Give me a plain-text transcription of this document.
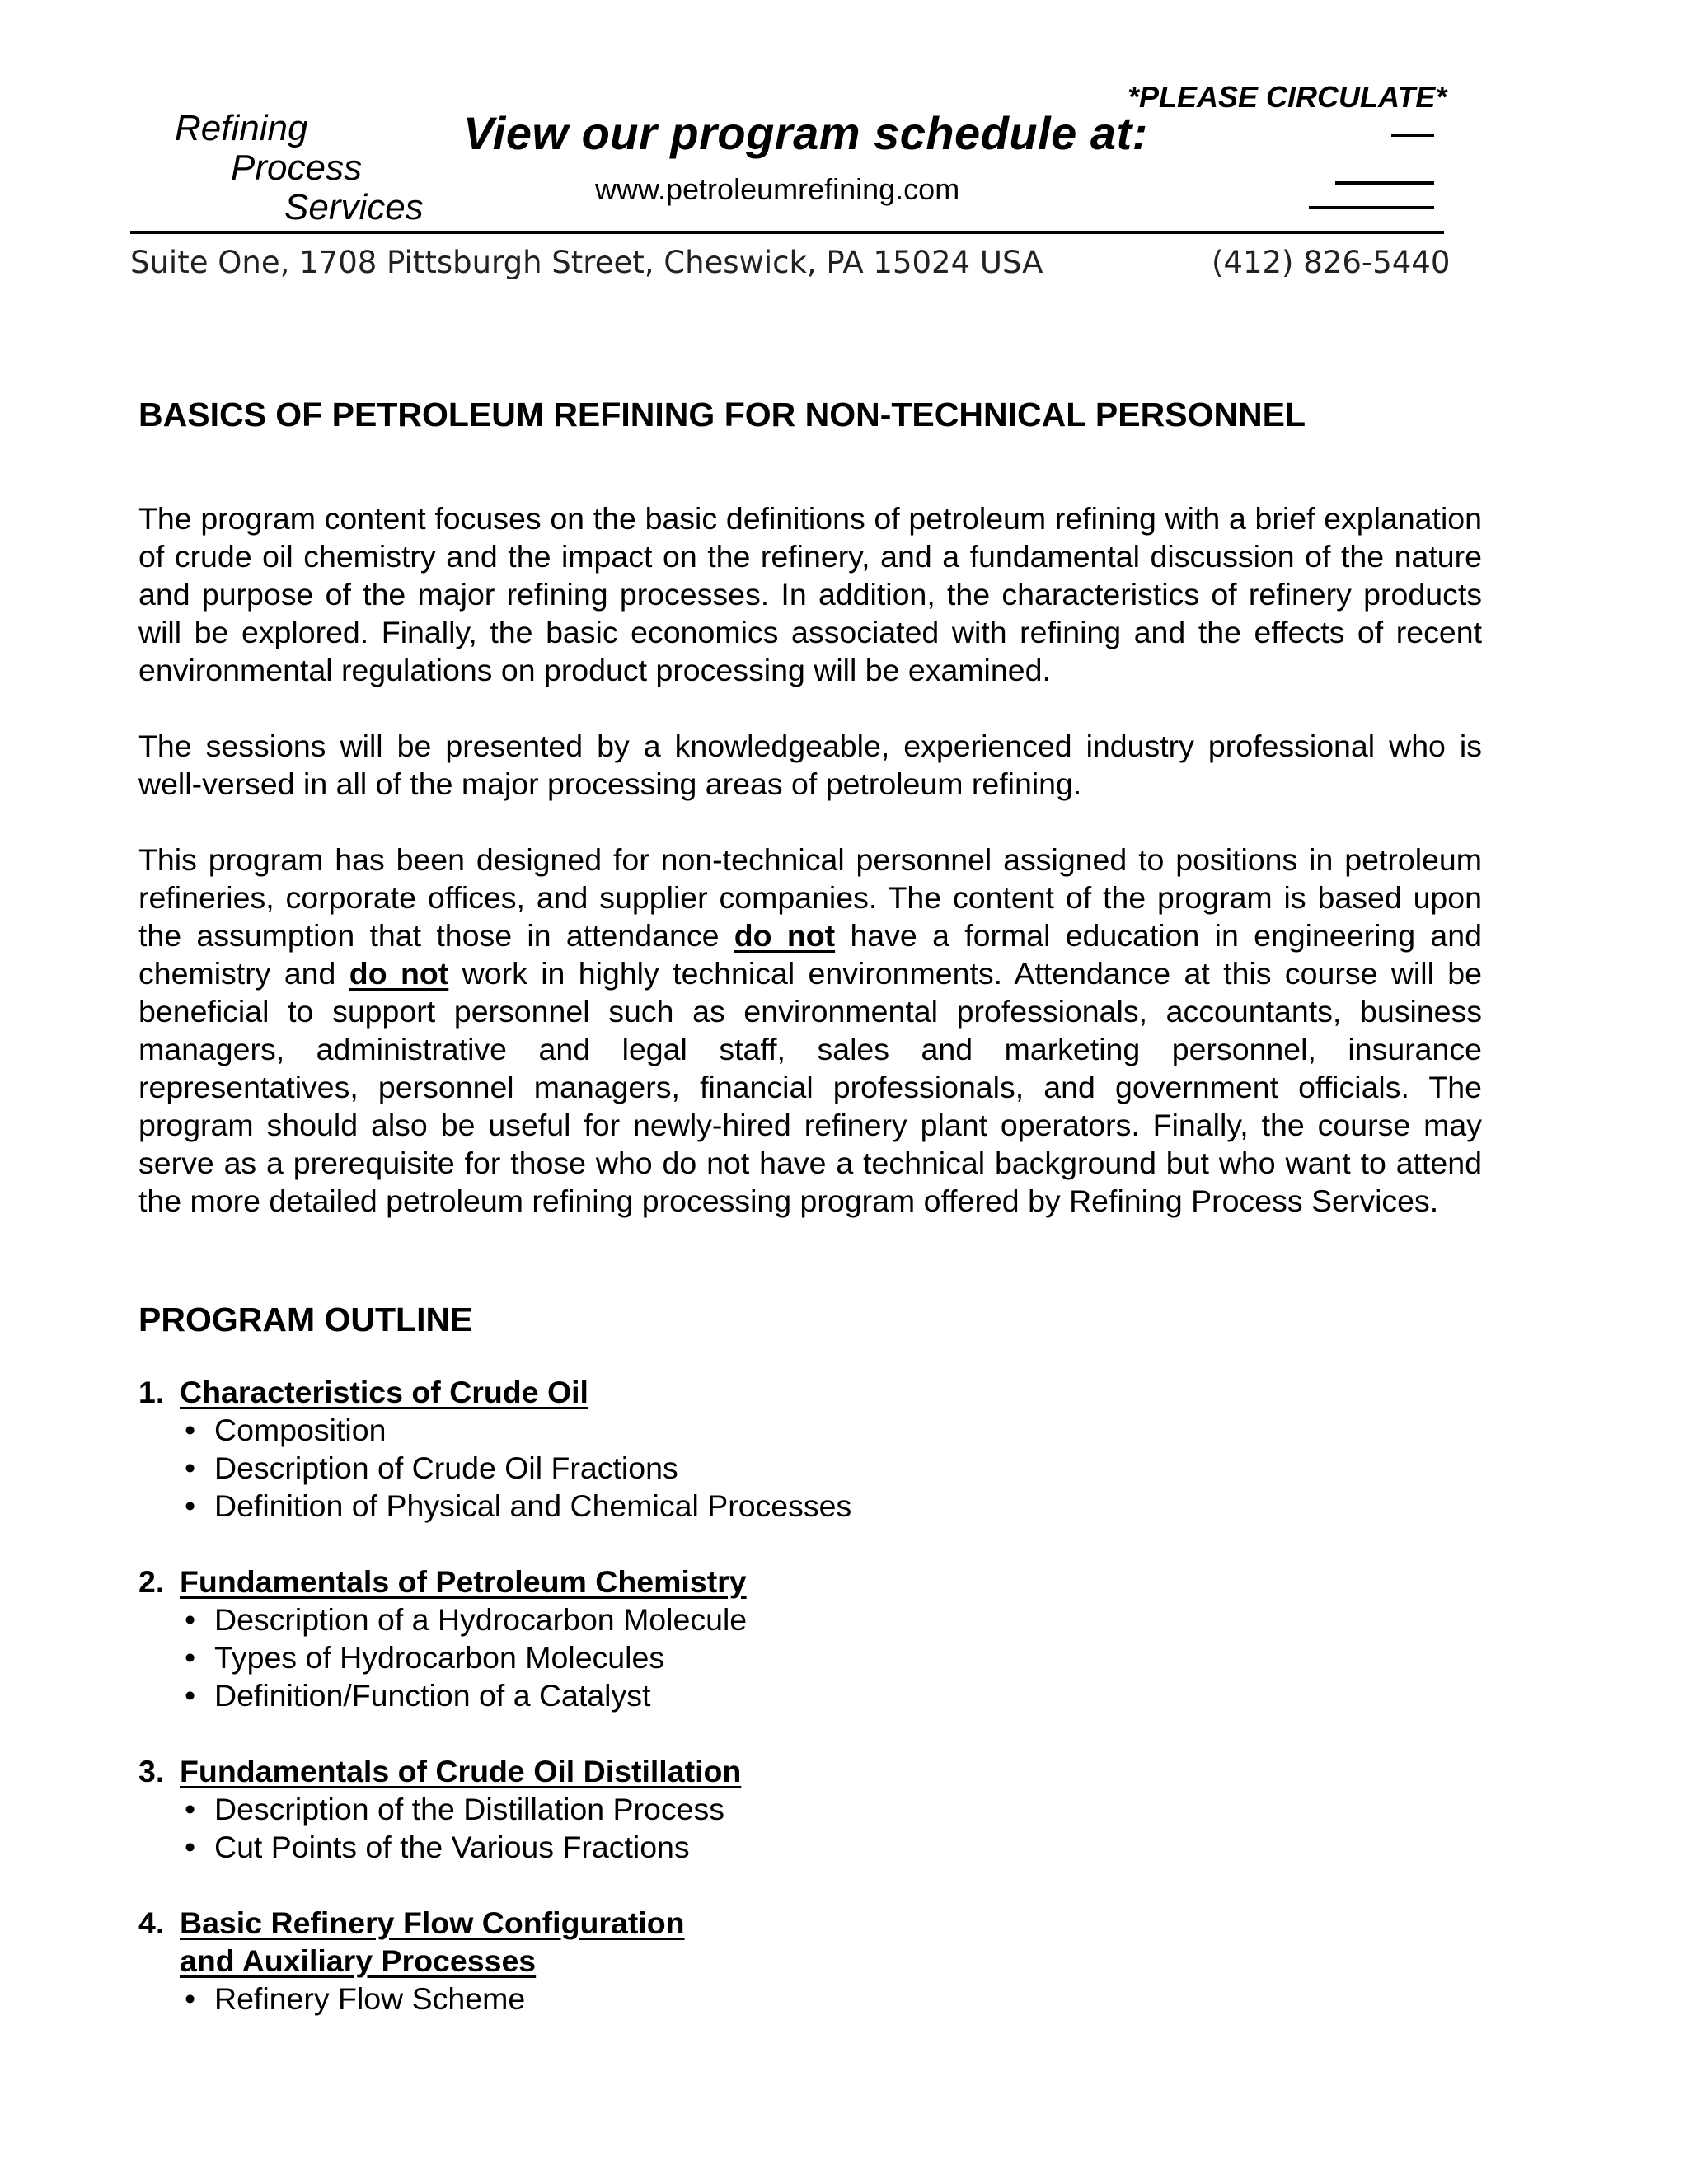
Refining
Process
Services
View our program schedule at:
www.petroleumrefining.com
*PLEASE CIRCULATE*
Suite One, 1708 Pittsburgh Street, Cheswick, PA 15024 USA	(412) 826-5440
BASICS OF PETROLEUM REFINING FOR NON-TECHNICAL PERSONNEL

The program content focuses on the basic definitions of petroleum refining with a brief explanation of crude oil chemistry and the impact on the refinery, and a fundamental discussion of the nature and purpose of the major refining processes. In addition, the characteristics of refinery products will be explored. Finally, the basic economics associated with refining and the effects of recent environmental regulations on product processing will be examined.

The sessions will be presented by a knowledgeable, experienced industry professional who is well-versed in all of the major processing areas of petroleum refining.

This program has been designed for non-technical personnel assigned to positions in petroleum refineries, corporate offices, and supplier companies. The content of the program is based upon the assumption that those in attendance do not have a formal education in engineering and chemistry and do not work in highly technical environments. Attendance at this course will be beneficial to support personnel such as environmental professionals, accountants, business managers, administrative and legal staff, sales and marketing personnel, insurance representatives, personnel managers, financial professionals, and government officials. The program should also be useful for newly-hired refinery plant operators. Finally, the course may serve as a prerequisite for those who do not have a technical background but who want to attend the more detailed petroleum refining processing program offered by Refining Process Services.

PROGRAM OUTLINE
1. Characteristics of Crude Oil
• Composition
• Description of Crude Oil Fractions
• Definition of Physical and Chemical Processes
2. Fundamentals of Petroleum Chemistry
• Description of a Hydrocarbon Molecule
• Types of Hydrocarbon Molecules
• Definition/Function of a Catalyst
3. Fundamentals of Crude Oil Distillation
• Description of the Distillation Process
• Cut Points of the Various Fractions
4. Basic Refinery Flow Configuration
and Auxiliary Processes
• Refinery Flow Scheme
